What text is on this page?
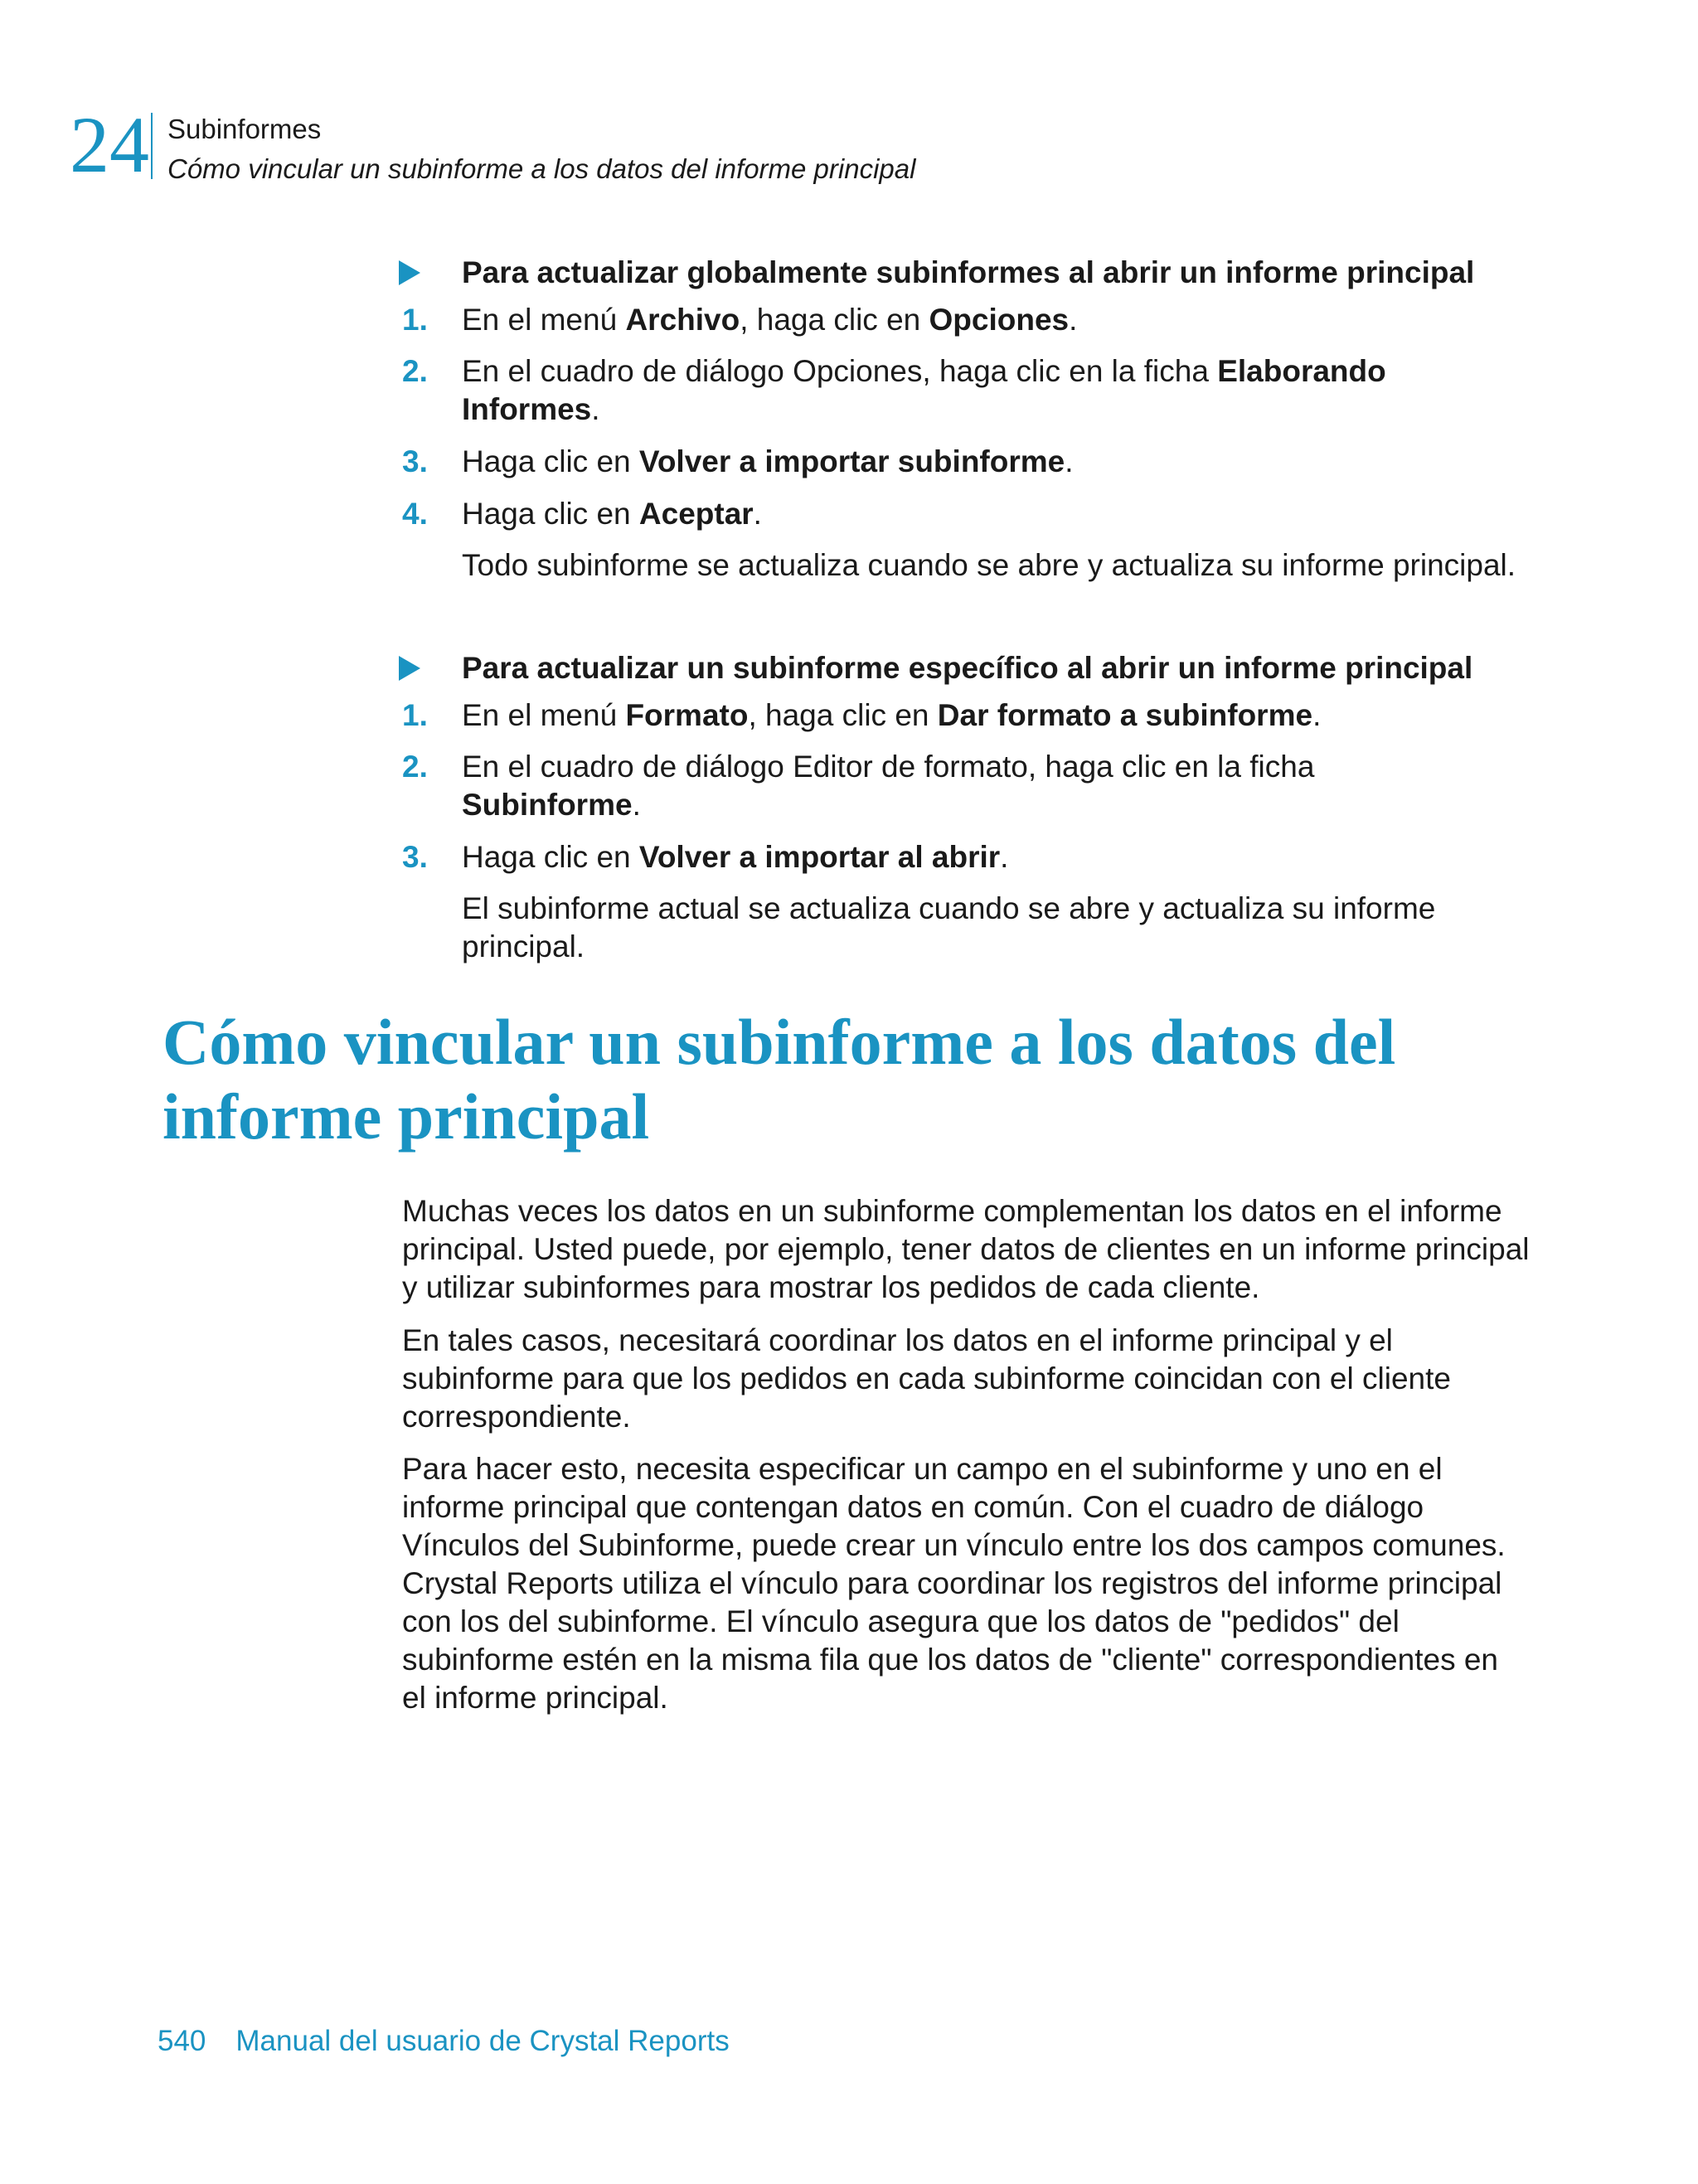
24 Subinformes
Cómo vincular un subinforme a los datos del informe principal
Para actualizar globalmente subinformes al abrir un informe principal
1.	En el menú Archivo, haga clic en Opciones.
2.	En el cuadro de diálogo Opciones, haga clic en la ficha Elaborando Informes.
3.	Haga clic en Volver a importar subinforme.
4.	Haga clic en Aceptar.
Todo subinforme se actualiza cuando se abre y actualiza su informe principal.
Para actualizar un subinforme específico al abrir un informe principal
1.	En el menú Formato, haga clic en Dar formato a subinforme.
2.	En el cuadro de diálogo Editor de formato, haga clic en la ficha Subinforme.
3.	Haga clic en Volver a importar al abrir.
El subinforme actual se actualiza cuando se abre y actualiza su informe principal.
Cómo vincular un subinforme a los datos del informe principal
Muchas veces los datos en un subinforme complementan los datos en el informe principal. Usted puede, por ejemplo, tener datos de clientes en un informe principal y utilizar subinformes para mostrar los pedidos de cada cliente.
En tales casos, necesitará coordinar los datos en el informe principal y el subinforme para que los pedidos en cada subinforme coincidan con el cliente correspondiente.
Para hacer esto, necesita especificar un campo en el subinforme y uno en el informe principal que contengan datos en común. Con el cuadro de diálogo Vínculos del Subinforme, puede crear un vínculo entre los dos campos comunes. Crystal Reports utiliza el vínculo para coordinar los registros del informe principal con los del subinforme. El vínculo asegura que los datos de "pedidos" del subinforme estén en la misma fila que los datos de "cliente" correspondientes en el informe principal.
540 Manual del usuario de Crystal Reports
